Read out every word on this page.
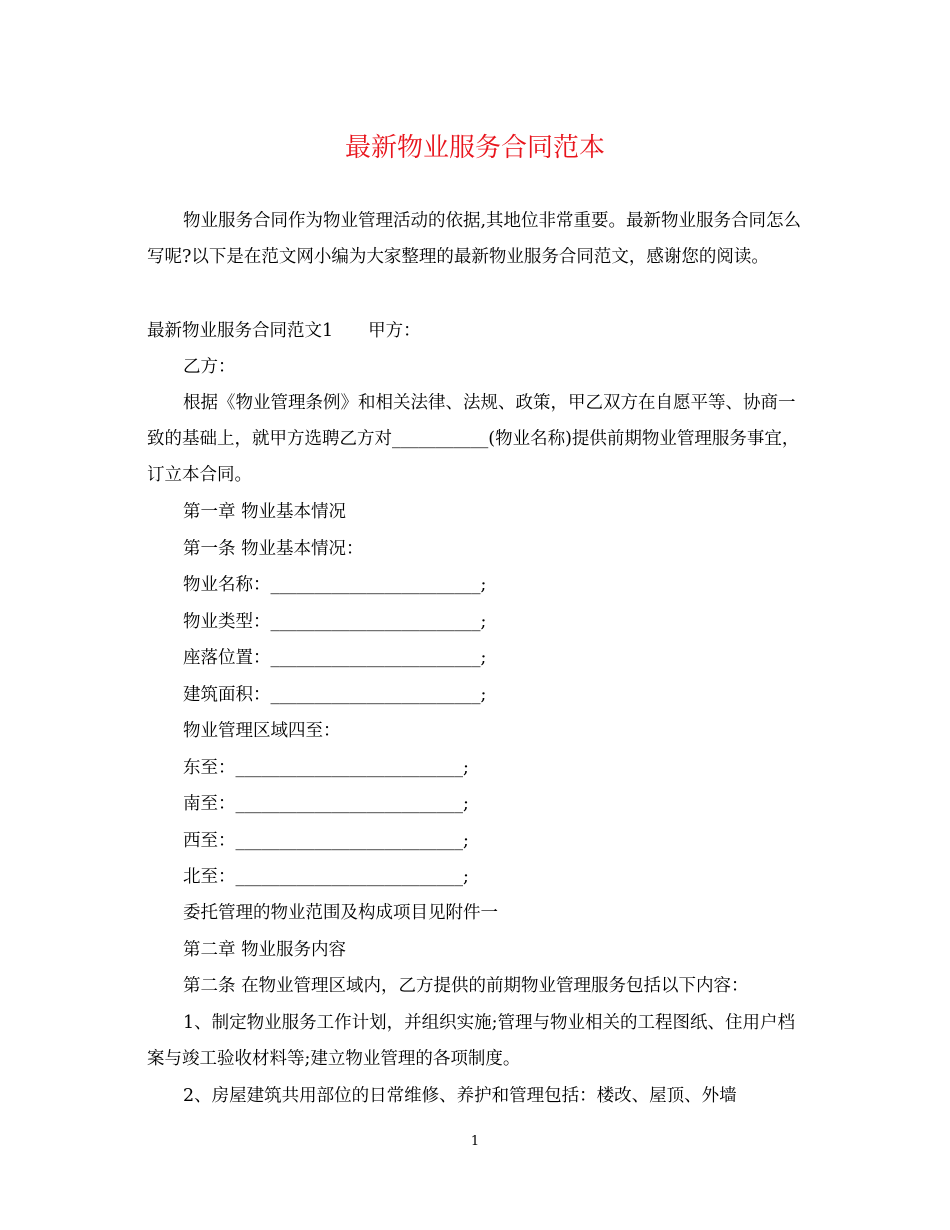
最新物业服务合同范本

物业服务合同作为物业管理活动的依据,其地位非常重要。最新物业服务合同怎么写呢?以下是在范文网小编为大家整理的最新物业服务合同范文，感谢您的阅读。

最新物业服务合同范文1　　甲方：
乙方：

根据《物业管理条例》和相关法律、法规、政策，甲乙双方在自愿平等、协商一致的基础上，就甲方选聘乙方对___________(物业名称)提供前期物业管理服务事宜，订立本合同。

第一章 物业基本情况
第一条 物业基本情况：
物业名称：________________________;
物业类型：________________________;
座落位置：________________________;
建筑面积：________________________;
物业管理区域四至：
东至：__________________________;
南至：__________________________;
西至：__________________________;
北至：__________________________;
委托管理的物业范围及构成项目见附件一
第二章 物业服务内容
第二条 在物业管理区域内，乙方提供的前期物业管理服务包括以下内容：

1、制定物业服务工作计划，并组织实施;管理与物业相关的工程图纸、住用户档案与竣工验收材料等;建立物业管理的各项制度。

2、房屋建筑共用部位的日常维修、养护和管理包括：楼改、屋顶、外墙
1
